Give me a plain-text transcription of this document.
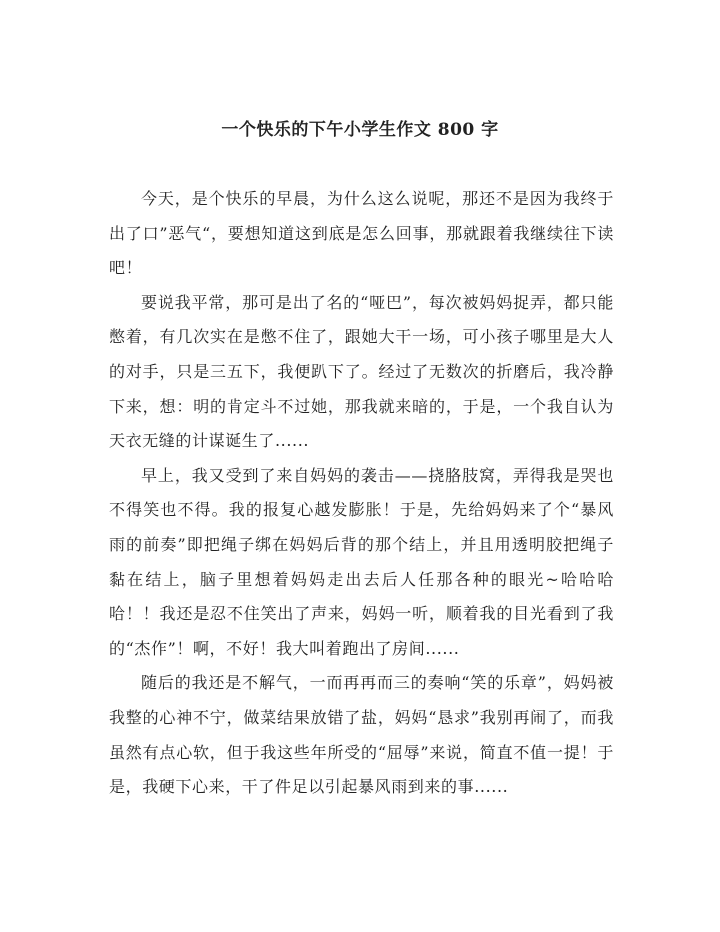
一个快乐的下午小学生作文 800 字

今天，是个快乐的早晨，为什么这么说呢，那还不是因为我终于出了口”恶气“，要想知道这到底是怎么回事，那就跟着我继续往下读吧！

要说我平常，那可是出了名的“哑巴”，每次被妈妈捉弄，都只能憋着，有几次实在是憋不住了，跟她大干一场，可小孩子哪里是大人的对手，只是三五下，我便趴下了。经过了无数次的折磨后，我冷静下来，想：明的肯定斗不过她，那我就来暗的，于是，一个我自认为天衣无缝的计谋诞生了......

早上，我又受到了来自妈妈的袭击——挠胳肢窝，弄得我是哭也不得笑也不得。我的报复心越发膨胀！于是，先给妈妈来了个“暴风雨的前奏”即把绳子绑在妈妈后背的那个结上，并且用透明胶把绳子黏在结上，脑子里想着妈妈走出去后人任那各种的眼光~哈哈哈哈！！我还是忍不住笑出了声来，妈妈一听，顺着我的目光看到了我的“杰作”！啊，不好！我大叫着跑出了房间......

随后的我还是不解气，一而再再而三的奏响“笑的乐章”，妈妈被我整的心神不宁，做菜结果放错了盐，妈妈“恳求”我别再闹了，而我虽然有点心软，但于我这些年所受的“屈辱”来说，简直不值一提！于是，我硬下心来，干了件足以引起暴风雨到来的事......
